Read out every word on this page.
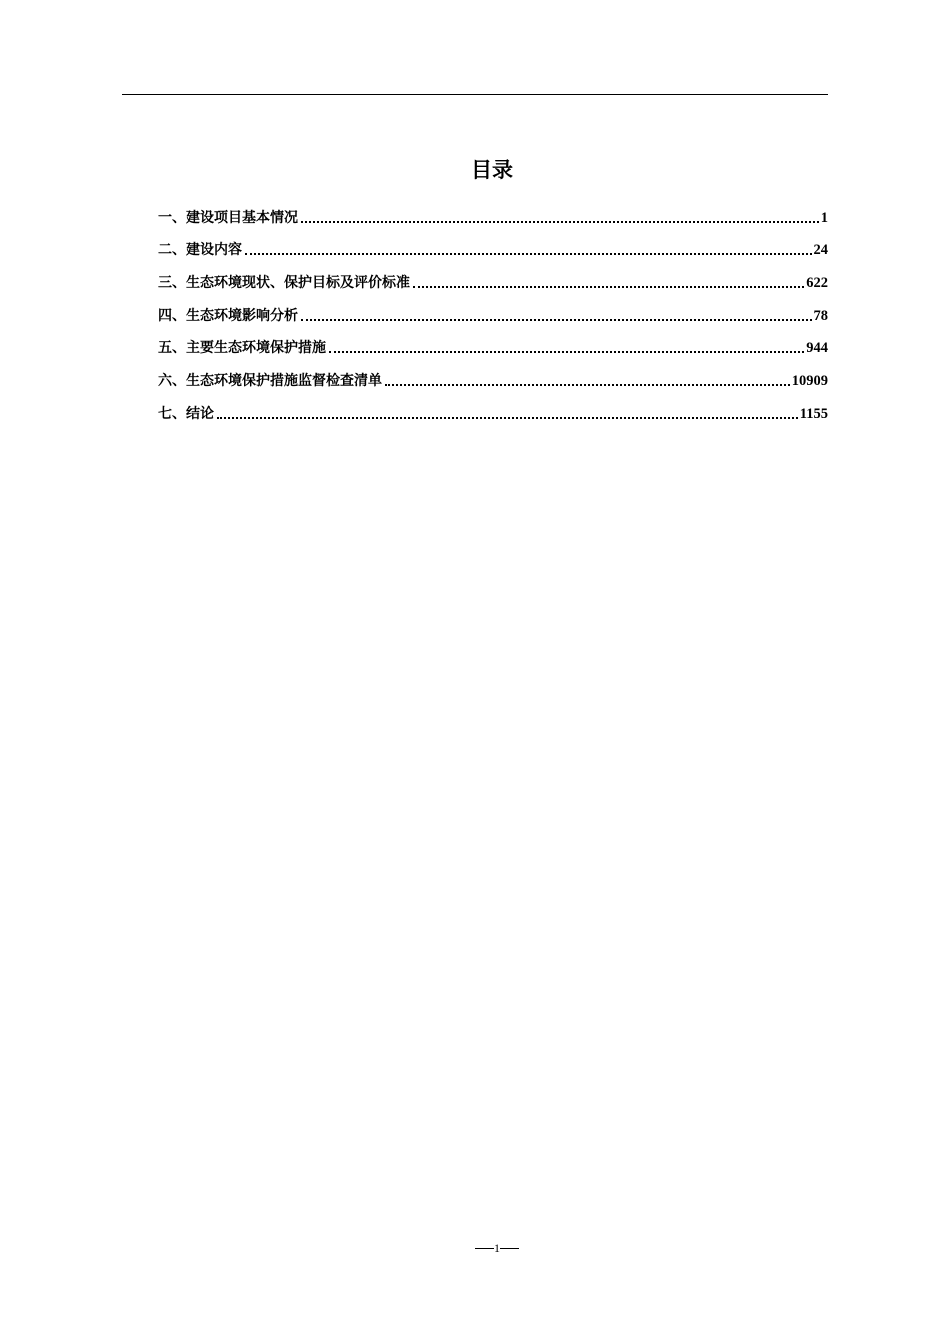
目录
一、建设项目基本情况	1
二、建设内容	24
三、生态环境现状、保护目标及评价标准	622
四、生态环境影响分析	78
五、主要生态环境保护措施	944
六、生态环境保护措施监督检查清单	10909
七、结论	1155
1
